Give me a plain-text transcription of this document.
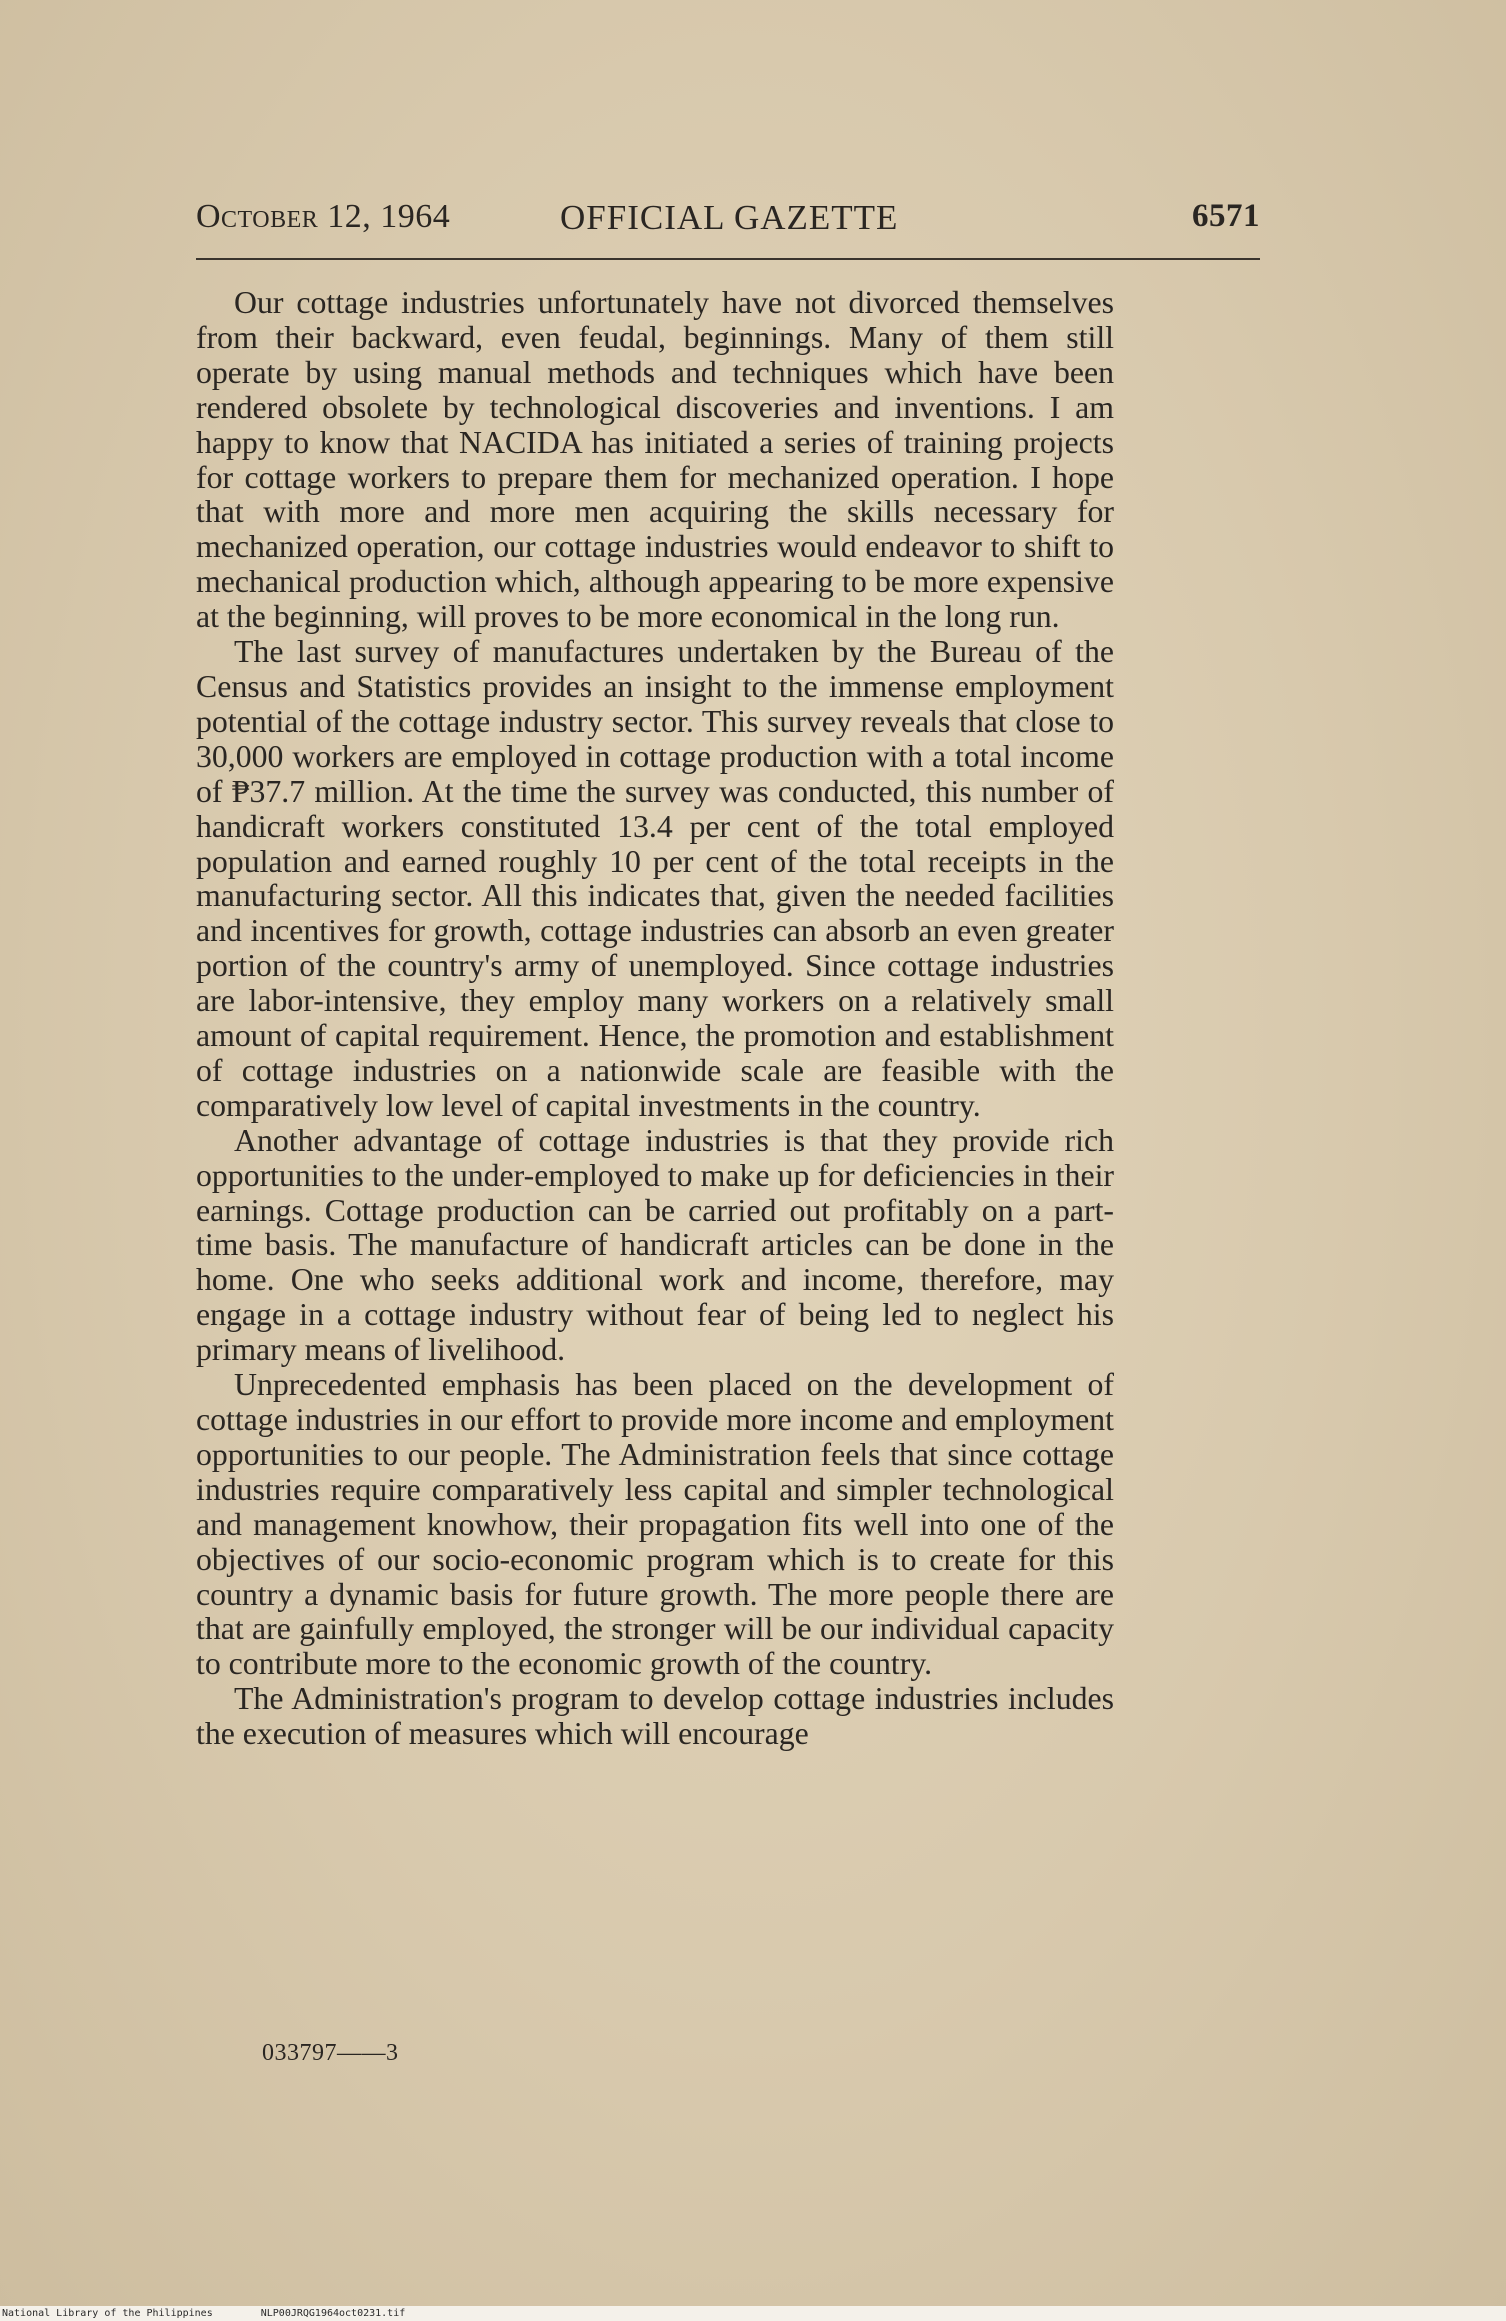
October 12, 1964	OFFICIAL GAZETTE	6571

Our cottage industries unfortunately have not divorced themselves from their backward, even feudal, beginnings. Many of them still operate by using manual methods and techniques which have been rendered obsolete by technological discoveries and inventions. I am happy to know that NACIDA has initiated a series of training projects for cottage workers to prepare them for mechanized operation. I hope that with more and more men acquiring the skills necessary for mechanized operation, our cottage industries would endeavor to shift to mechanical production which, although appearing to be more expensive at the beginning, will proves to be more economical in the long run.

The last survey of manufactures undertaken by the Bureau of the Census and Statistics provides an insight to the immense employment potential of the cottage industry sector. This survey reveals that close to 30,000 workers are employed in cottage production with a total income of ₱37.7 million. At the time the survey was conducted, this number of handicraft workers constituted 13.4 per cent of the total employed population and earned roughly 10 per cent of the total receipts in the manufacturing sector. All this indicates that, given the needed facilities and incentives for growth, cottage industries can absorb an even greater portion of the country's army of unemployed. Since cottage industries are labor-intensive, they employ many workers on a relatively small amount of capital requirement. Hence, the promotion and establishment of cottage industries on a nationwide scale are feasible with the comparatively low level of capital investments in the country.

Another advantage of cottage industries is that they provide rich opportunities to the under-employed to make up for deficiencies in their earnings. Cottage production can be carried out profitably on a part-time basis. The manufacture of handicraft articles can be done in the home. One who seeks additional work and income, therefore, may engage in a cottage industry without fear of being led to neglect his primary means of livelihood.

Unprecedented emphasis has been placed on the development of cottage industries in our effort to provide more income and employment opportunities to our people. The Administration feels that since cottage industries require comparatively less capital and simpler technological and management knowhow, their propagation fits well into one of the objectives of our socio-economic program which is to create for this country a dynamic basis for future growth. The more people there are that are gainfully employed, the stronger will be our individual capacity to contribute more to the economic growth of the country.

The Administration's program to develop cottage industries includes the execution of measures which will encourage

033797——3
National Library of the Philippines	NLP00JRQG1964oct0231.tif
